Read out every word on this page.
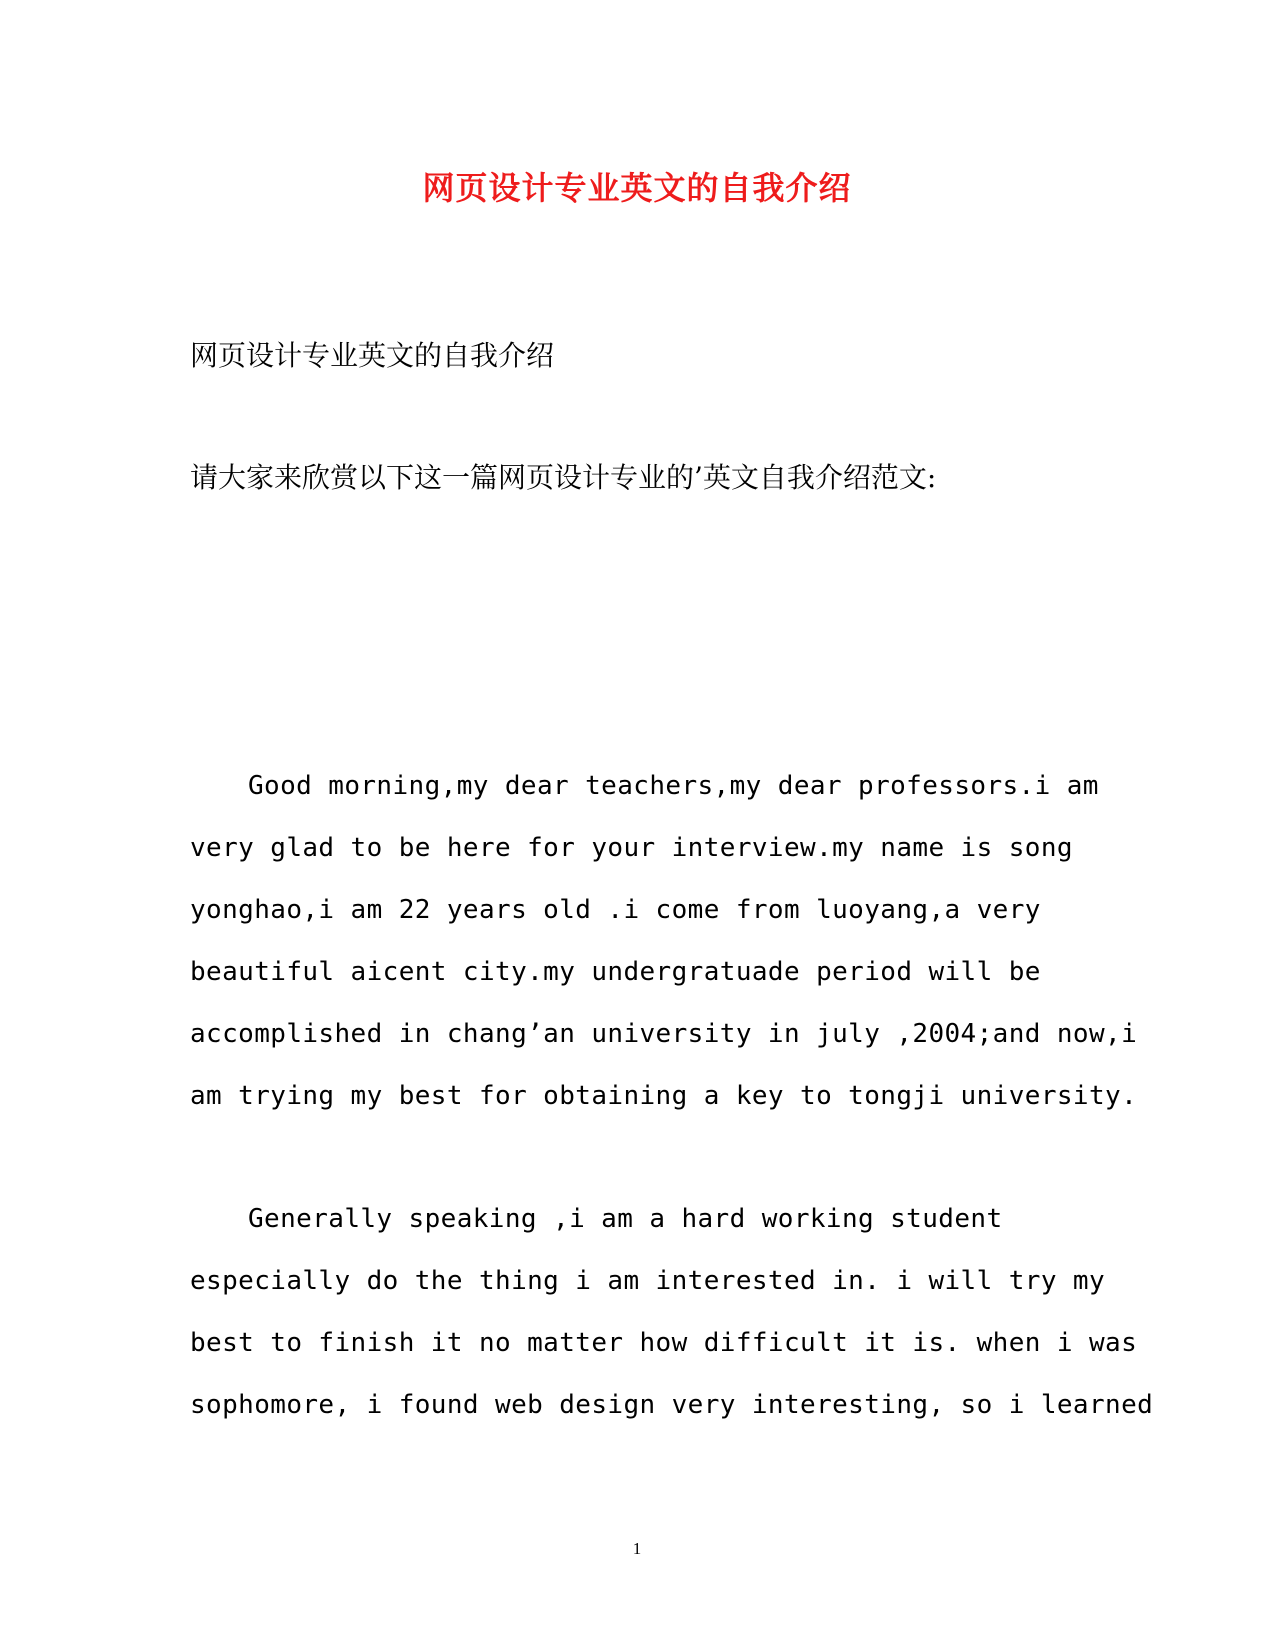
网页设计专业英文的自我介绍
网页设计专业英文的自我介绍
请大家来欣赏以下这一篇网页设计专业的’英文自我介绍范文:
Good morning,my dear teachers,my dear professors.i am
very glad to be here for your interview.my name is song
yonghao,i am 22 years old .i come from luoyang,a very
beautiful aicent city.my undergratuade period will be
accomplished in chang’an university in july ,2004;and now,i
am trying my best for obtaining a key to tongji university.
Generally speaking ,i am a hard working student
especially do the thing i am interested in. i will try my
best to finish it no matter how difficult it is. when i was
sophomore, i found web design very interesting, so i learned
1
